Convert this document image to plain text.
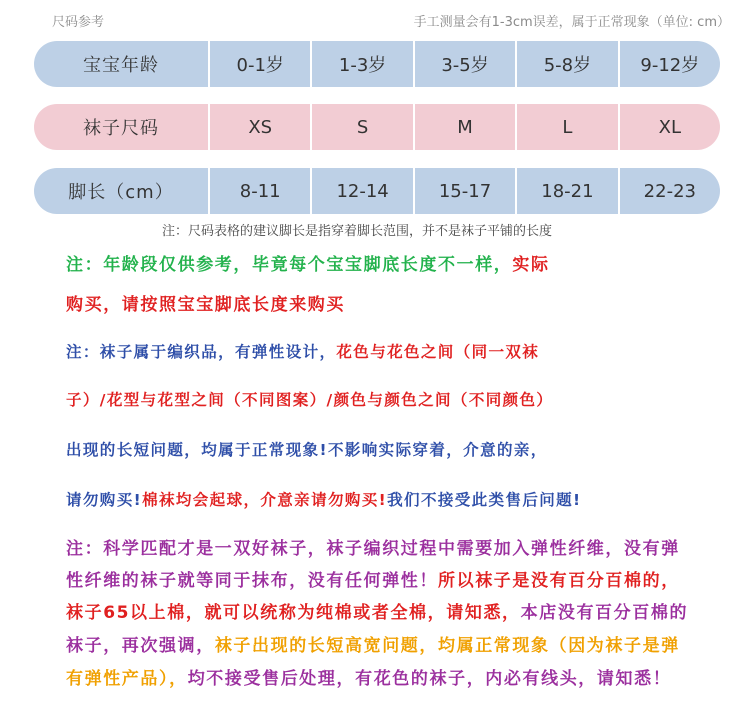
尺码参考	手工测量会有1-3cm误差，属于正常现象（单位: cm）
宝宝年龄	0-1岁	1-3岁	3-5岁	5-8岁	9-12岁
袜子尺码	XS	S	M	L	XL
脚长（cm）	8-11	12-14	15-17	18-21	22-23
注：尺码表格的建议脚长是指穿着脚长范围，并不是袜子平铺的长度
注：年龄段仅供参考，毕竟每个宝宝脚底长度不一样，实际
购买，请按照宝宝脚底长度来购买
注：袜子属于编织品，有弹性设计，花色与花色之间（同一双袜
子）/花型与花型之间（不同图案）/颜色与颜色之间（不同颜色）
出现的长短问题，均属于正常现象!不影响实际穿着，介意的亲，
请勿购买!棉袜均会起球，介意亲请勿购买!我们不接受此类售后问题!
注：科学匹配才是一双好袜子，袜子编织过程中需要加入弹性纤维，没有弹
性纤维的袜子就等同于抹布，没有任何弹性！所以袜子是没有百分百棉的，
袜子65以上棉，就可以统称为纯棉或者全棉，请知悉，本店没有百分百棉的
袜子，再次强调，袜子出现的长短高宽问题，均属正常现象（因为袜子是弹
有弹性产品），均不接受售后处理，有花色的袜子，内必有线头，请知悉！
